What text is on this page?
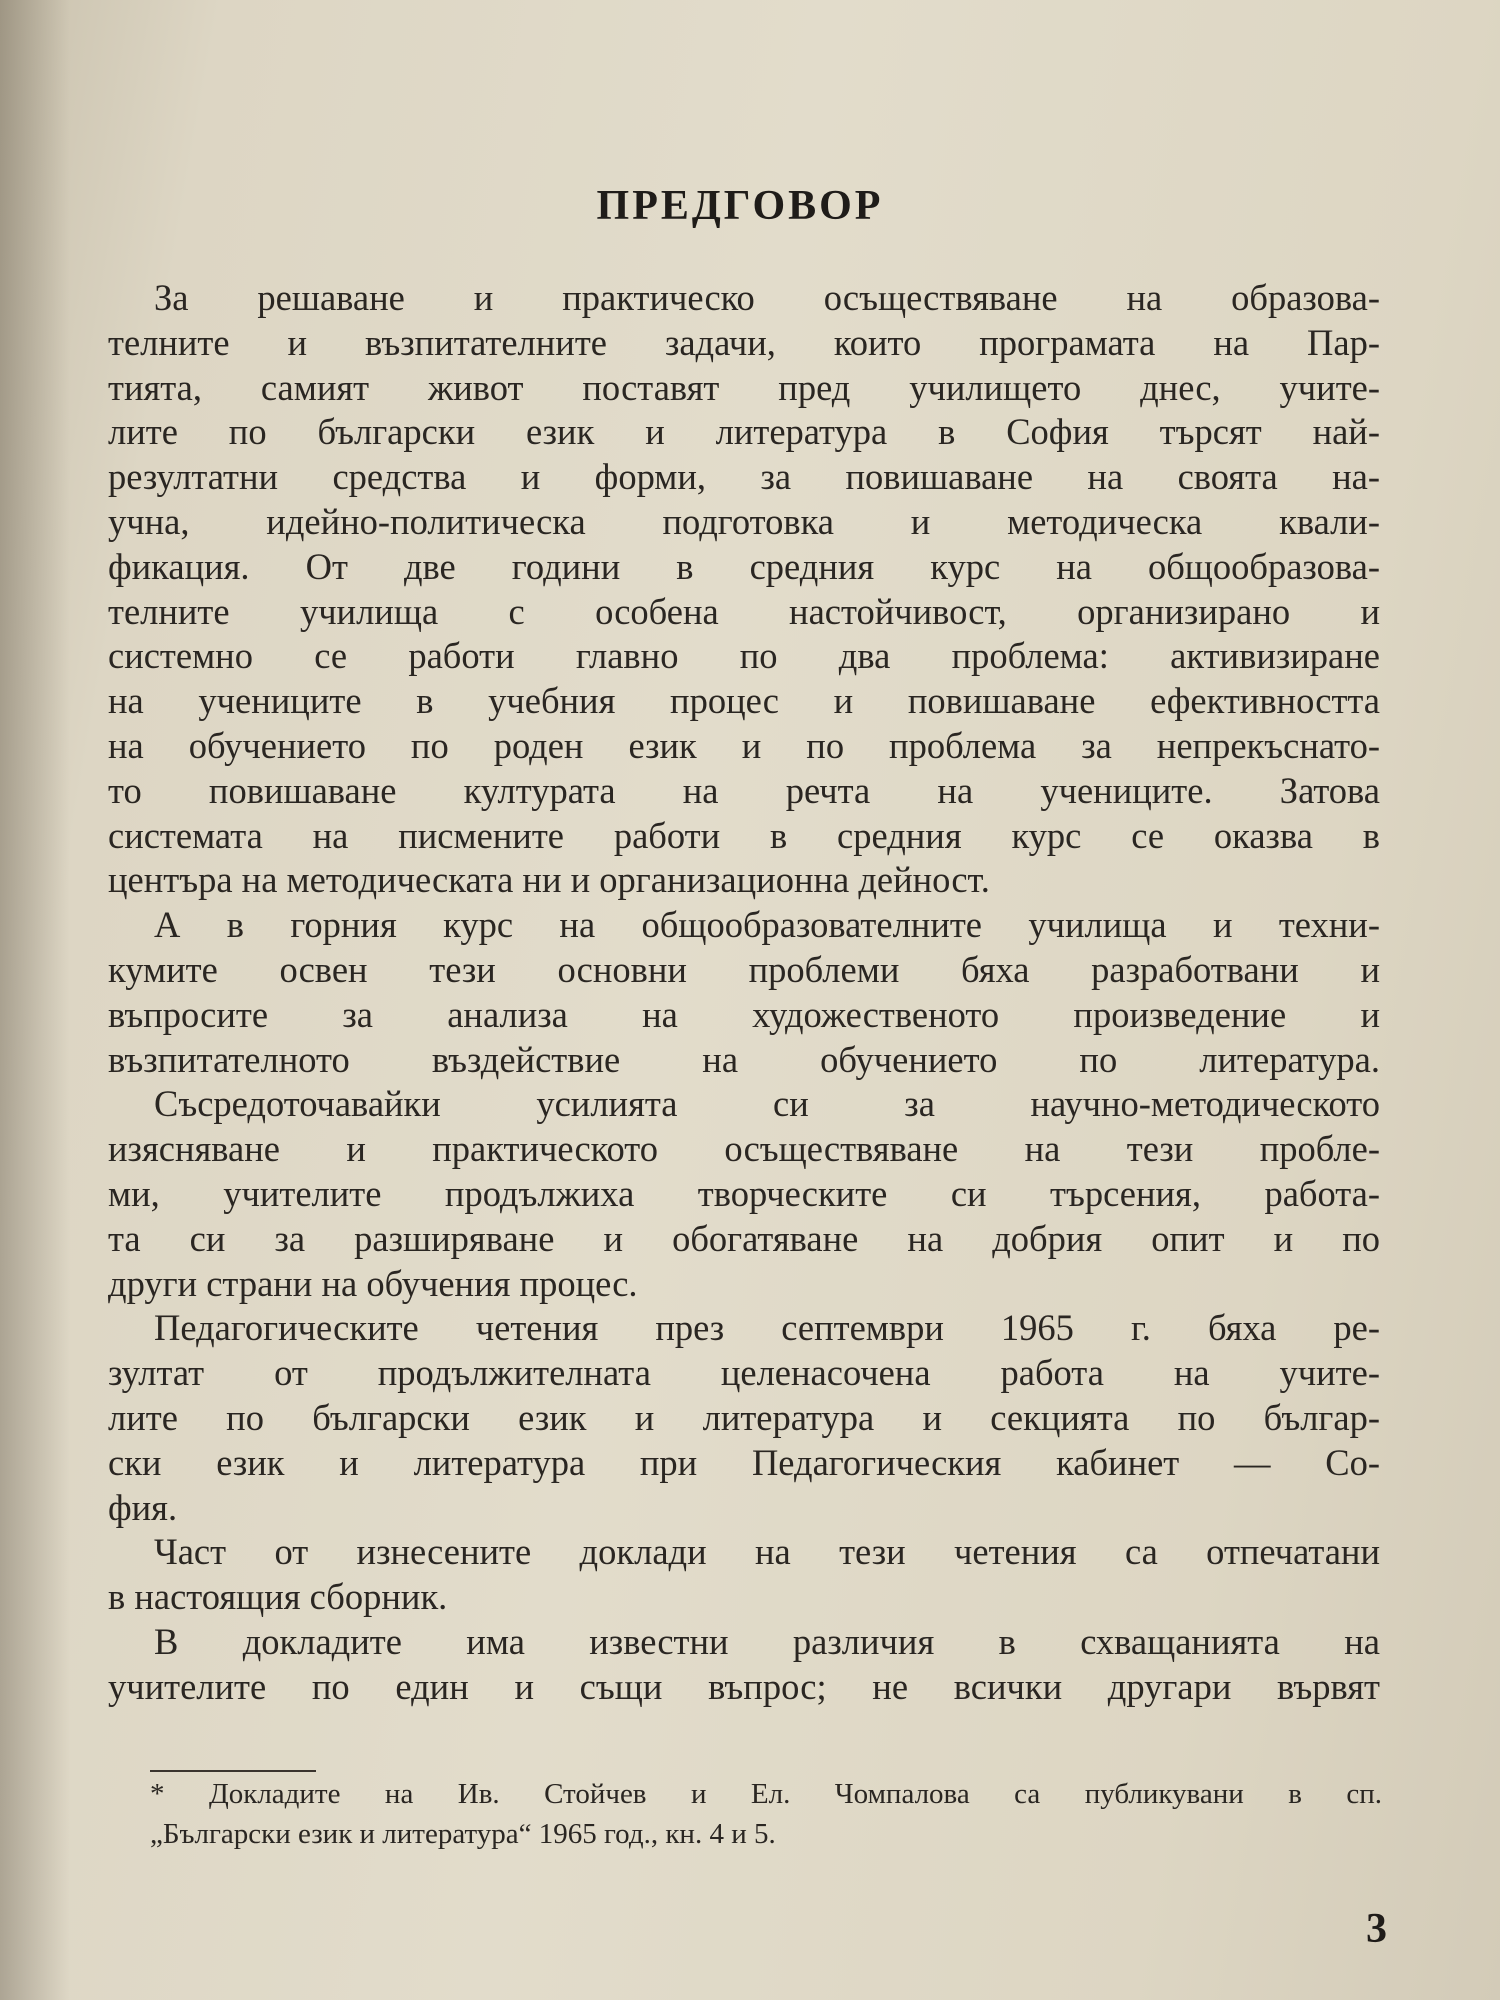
ПРЕДГОВОР
За решаване и практическо осъществяване на образова-
телните и възпитателните задачи, които програмата на Пар-
тията, самият живот поставят пред училището днес, учите-
лите по български език и литература в София търсят най-
резултатни средства и форми, за повишаване на своята на-
учна, идейно-политическа подготовка и методическа квали-
фикация. От две години в средния курс на общообразова-
телните училища с особена настойчивост, организирано и
системно се работи главно по два проблема: активизиране
на учениците в учебния процес и повишаване ефективността
на обучението по роден език и по проблема за непрекъснато-
то повишаване културата на речта на учениците. Затова
системата на писмените работи в средния курс се оказва в
центъра на методическата ни и организационна дейност.
А в горния курс на общообразователните училища и техни-
кумите освен тези основни проблеми бяха разработвани и
въпросите за анализа на художественото произведение и
възпитателното въздействие на обучението по литература.
Съсредоточавайки усилията си за научно-методическото
изясняване и практическото осъществяване на тези пробле-
ми, учителите продължиха творческите си търсения, работа-
та си за разширяване и обогатяване на добрия опит и по
други страни на обучения процес.
Педагогическите четения през септември 1965 г. бяха ре-
зултат от продължителната целенасочена работа на учите-
лите по български език и литература и секцията по българ-
ски език и литература при Педагогическия кабинет — Со-
фия.
Част от изнесените доклади на тези четения са отпечатани
в настоящия сборник.
В докладите има известни различия в схващанията на
учителите по един и същи въпрос; не всички другари вървят
* Докладите на Ив. Стойчев и Ел. Чомпалова са публикувани в сп.
„Български език и литература“ 1965 год., кн. 4 и 5.
3
